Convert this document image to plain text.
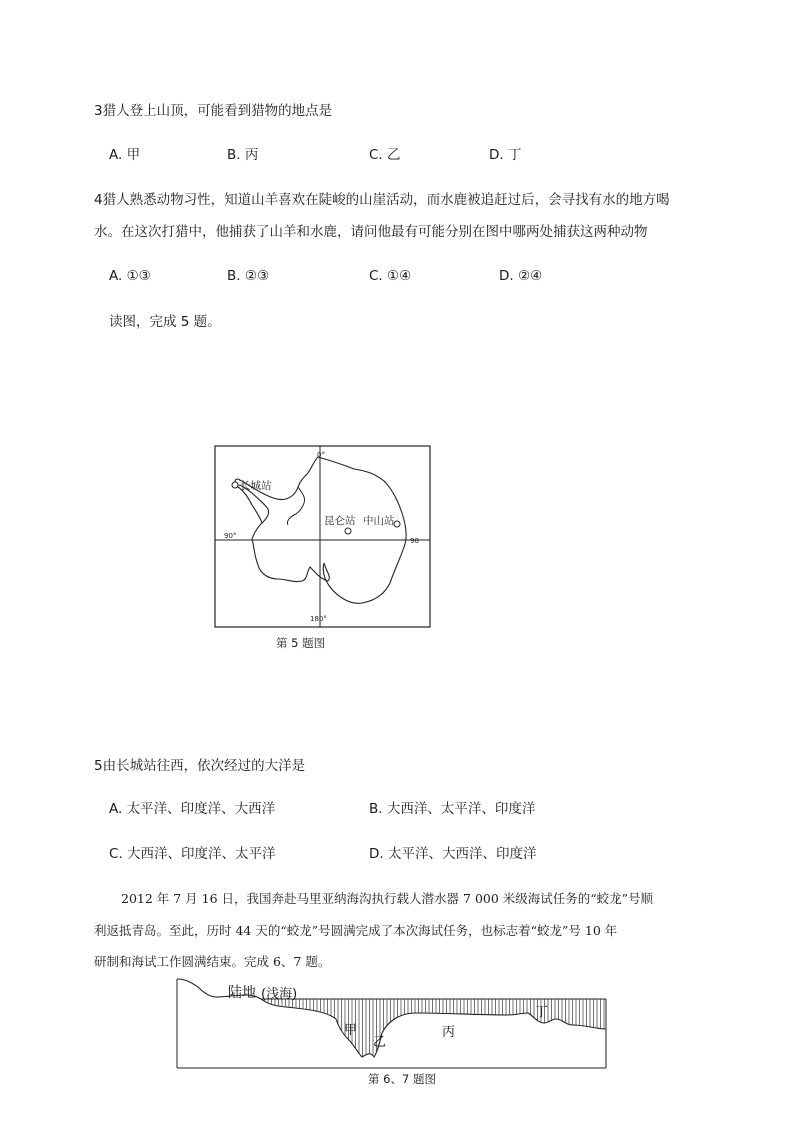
3猎人登上山顶，可能看到猎物的地点是
A. 甲	B. 丙	C. 乙	D. 丁
4猎人熟悉动物习性，知道山羊喜欢在陡峻的山崖活动，而水鹿被追赶过后，会寻找有水的地方喝
水。在这次打猎中，他捕获了山羊和水鹿，请问他最有可能分别在图中哪两处捕获这两种动物
A. ①③	B. ②③	C. ①④	D. ②④
读图，完成 5 题。
0°
长城站
昆仑站 中山站
90°
90
180°
第 5 题图
5由长城站往西，依次经过的大洋是
A. 太平洋、印度洋、大西洋	B. 大西洋、太平洋、印度洋
C. 大西洋、印度洋、太平洋	D. 太平洋、大西洋、印度洋
2012 年 7 月 16 日，我国奔赴马里亚纳海沟执行载人潜水器 7 000 米级海试任务的“蛟龙”号顺
利返抵青岛。至此，历时 44 天的“蛟龙”号圆满完成了本次海试任务，也标志着“蛟龙”号 10 年
研制和海试工作圆满结束。完成 6、7 题。
陆地 (浅海)
甲
乙
丙
丁
第 6、7 题图
